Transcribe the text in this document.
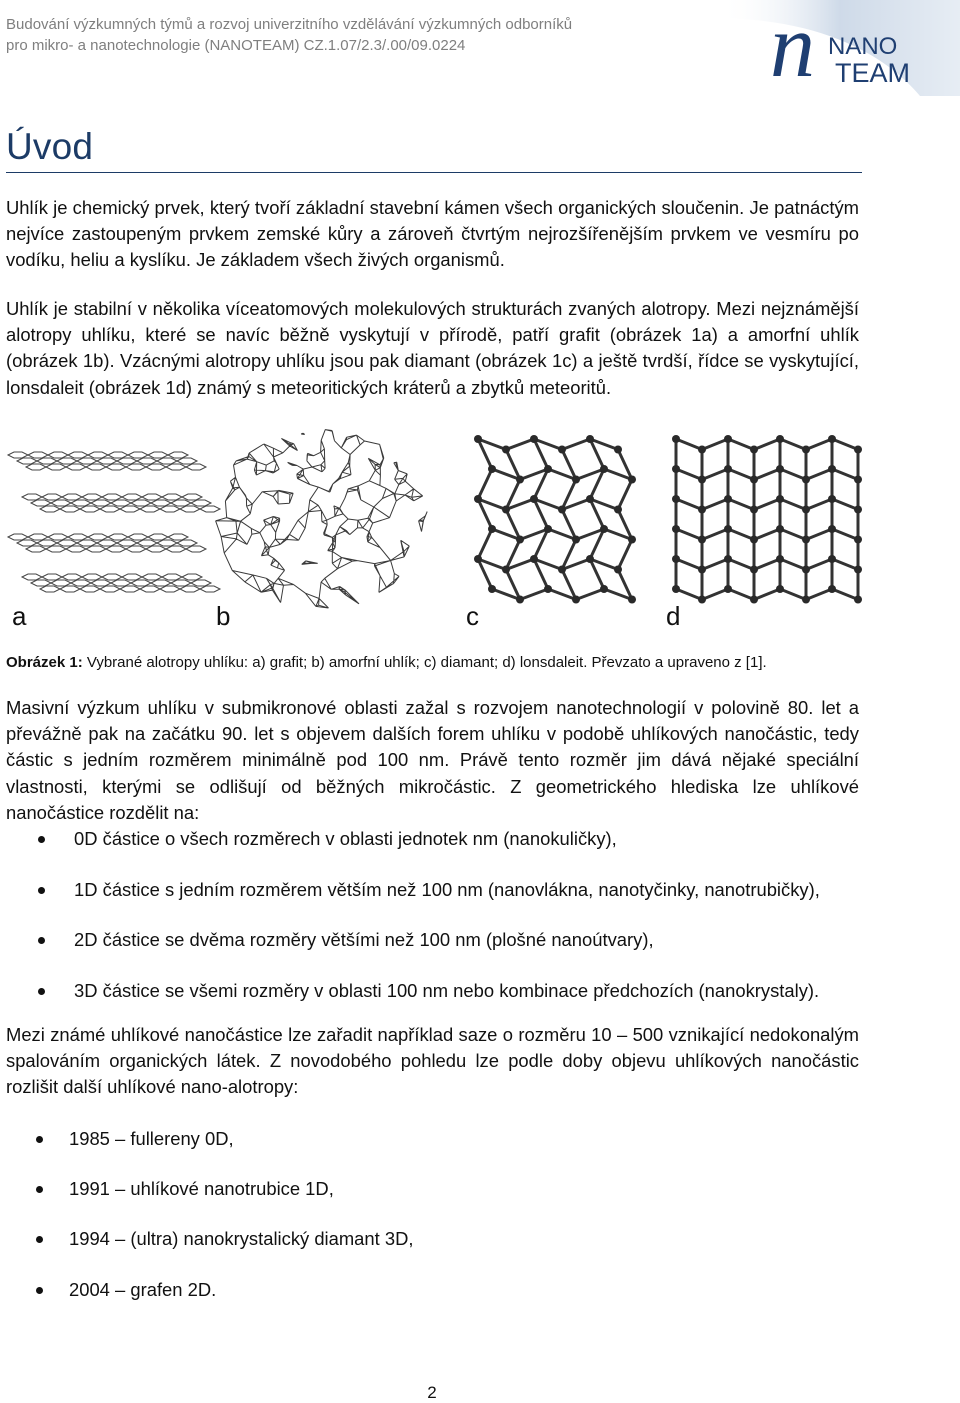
Budování výzkumných týmů a rozvoj univerzitního vzdělávání výzkumných odborníků
pro mikro- a nanotechnologie (NANOTEAM) CZ.1.07/2.3/.00/09.0224	n NANO
TEAM
Úvod

Uhlík je chemický prvek, který tvoří základní stavební kámen všech organických sloučenin. Je patnáctým nejvíce zastoupeným prvkem zemské kůry a zároveň čtvrtým nejrozšířenějším prvkem ve vesmíru po vodíku, heliu a kyslíku. Je základem všech živých organismů.

Uhlík je stabilní v několika víceatomových molekulových strukturách zvaných alotropy. Mezi nejznámější alotropy uhlíku, které se navíc běžně vyskytují v přírodě, patří grafit (obrázek 1a) a amorfní uhlík (obrázek 1b). Vzácnými alotropy uhlíku jsou pak diamant (obrázek 1c) a ještě tvrdší, řídce se vyskytující, lonsdaleit (obrázek 1d) známý s meteoritických kráterů a zbytků meteoritů.

a	b	c	d
Obrázek 1: Vybrané alotropy uhlíku: a) grafit; b) amorfní uhlík; c) diamant; d) lonsdaleit. Převzato a upraveno z [1].

Masivní výzkum uhlíku v submikronové oblasti zažal s rozvojem nanotechnologií v polovině 80. let a převážně pak na začátku 90. let s objevem dalších forem uhlíku v podobě uhlíkových nanočástic, tedy částic s jedním rozměrem minimálně pod 100 nm. Právě tento rozměr jim dává nějaké speciální vlastnosti, kterými se odlišují od běžných mikročástic. Z geometrického hlediska lze uhlíkové nanočástice rozdělit na:

0D částice o všech rozměrech v oblasti jednotek nm (nanokuličky),
1D částice s jedním rozměrem větším než 100 nm (nanovlákna, nanotyčinky, nanotrubičky),
2D částice se dvěma rozměry většími než 100 nm (plošné nanoútvary),
3D částice se všemi rozměry v oblasti 100 nm nebo kombinace předchozích (nanokrystaly).

Mezi známé uhlíkové nanočástice lze zařadit například saze o rozměru 10 – 500 vznikající nedokonalým spalováním organických látek. Z novodobého pohledu lze podle doby objevu uhlíkových nanočástic rozlišit další uhlíkové nano-alotropy:

1985 – fullereny 0D,
1991 – uhlíkové nanotrubice 1D,
1994 – (ultra) nanokrystalický diamant 3D,
2004 – grafen 2D.
2
